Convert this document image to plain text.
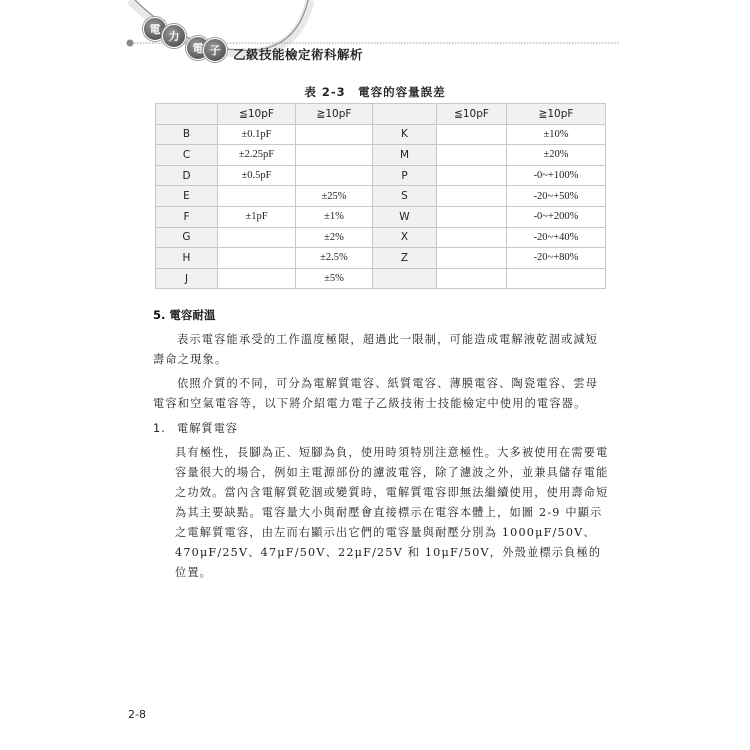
電
力
電 子	乙級技能檢定術科解析
表 2-3　電容的容量誤差
	≦10pF	≧10pF		≦10pF	≧10pF
B	±0.1pF		K		±10%
C	±2.25pF		M		±20%
D	±0.5pF		P		-0~+100%
E		±25%	S		-20~+50%
F	±1pF	±1%	W		-0~+200%
G		±2%	X		-20~+40%
H		±2.5%	Z		-20~+80%
J		±5%			
5. 電容耐溫
表示電容能承受的工作溫度極限，超過此一限制，可能造成電解液乾涸或減短壽命之現象。
依照介質的不同，可分為電解質電容、紙質電容、薄膜電容、陶瓷電容、雲母電容和空氣電容等，以下將介紹電力電子乙級技術士技能檢定中使用的電容器。
1. 電解質電容
具有極性，長腳為正、短腳為負，使用時須特別注意極性。大多被使用在需要電容量很大的場合，例如主電源部份的濾波電容，除了濾波之外，並兼具儲存電能之功效。當內含電解質乾涸或變質時，電解質電容即無法繼續使用，使用壽命短為其主要缺點。電容量大小與耐壓會直接標示在電容本體上，如圖 2-9 中顯示之電解質電容，由左而右顯示出它們的電容量與耐壓分別為 1000μF/50V、470μF/25V、47μF/50V、22μF/25V 和 10μF/50V，外殼並標示負極的位置。
2-8
